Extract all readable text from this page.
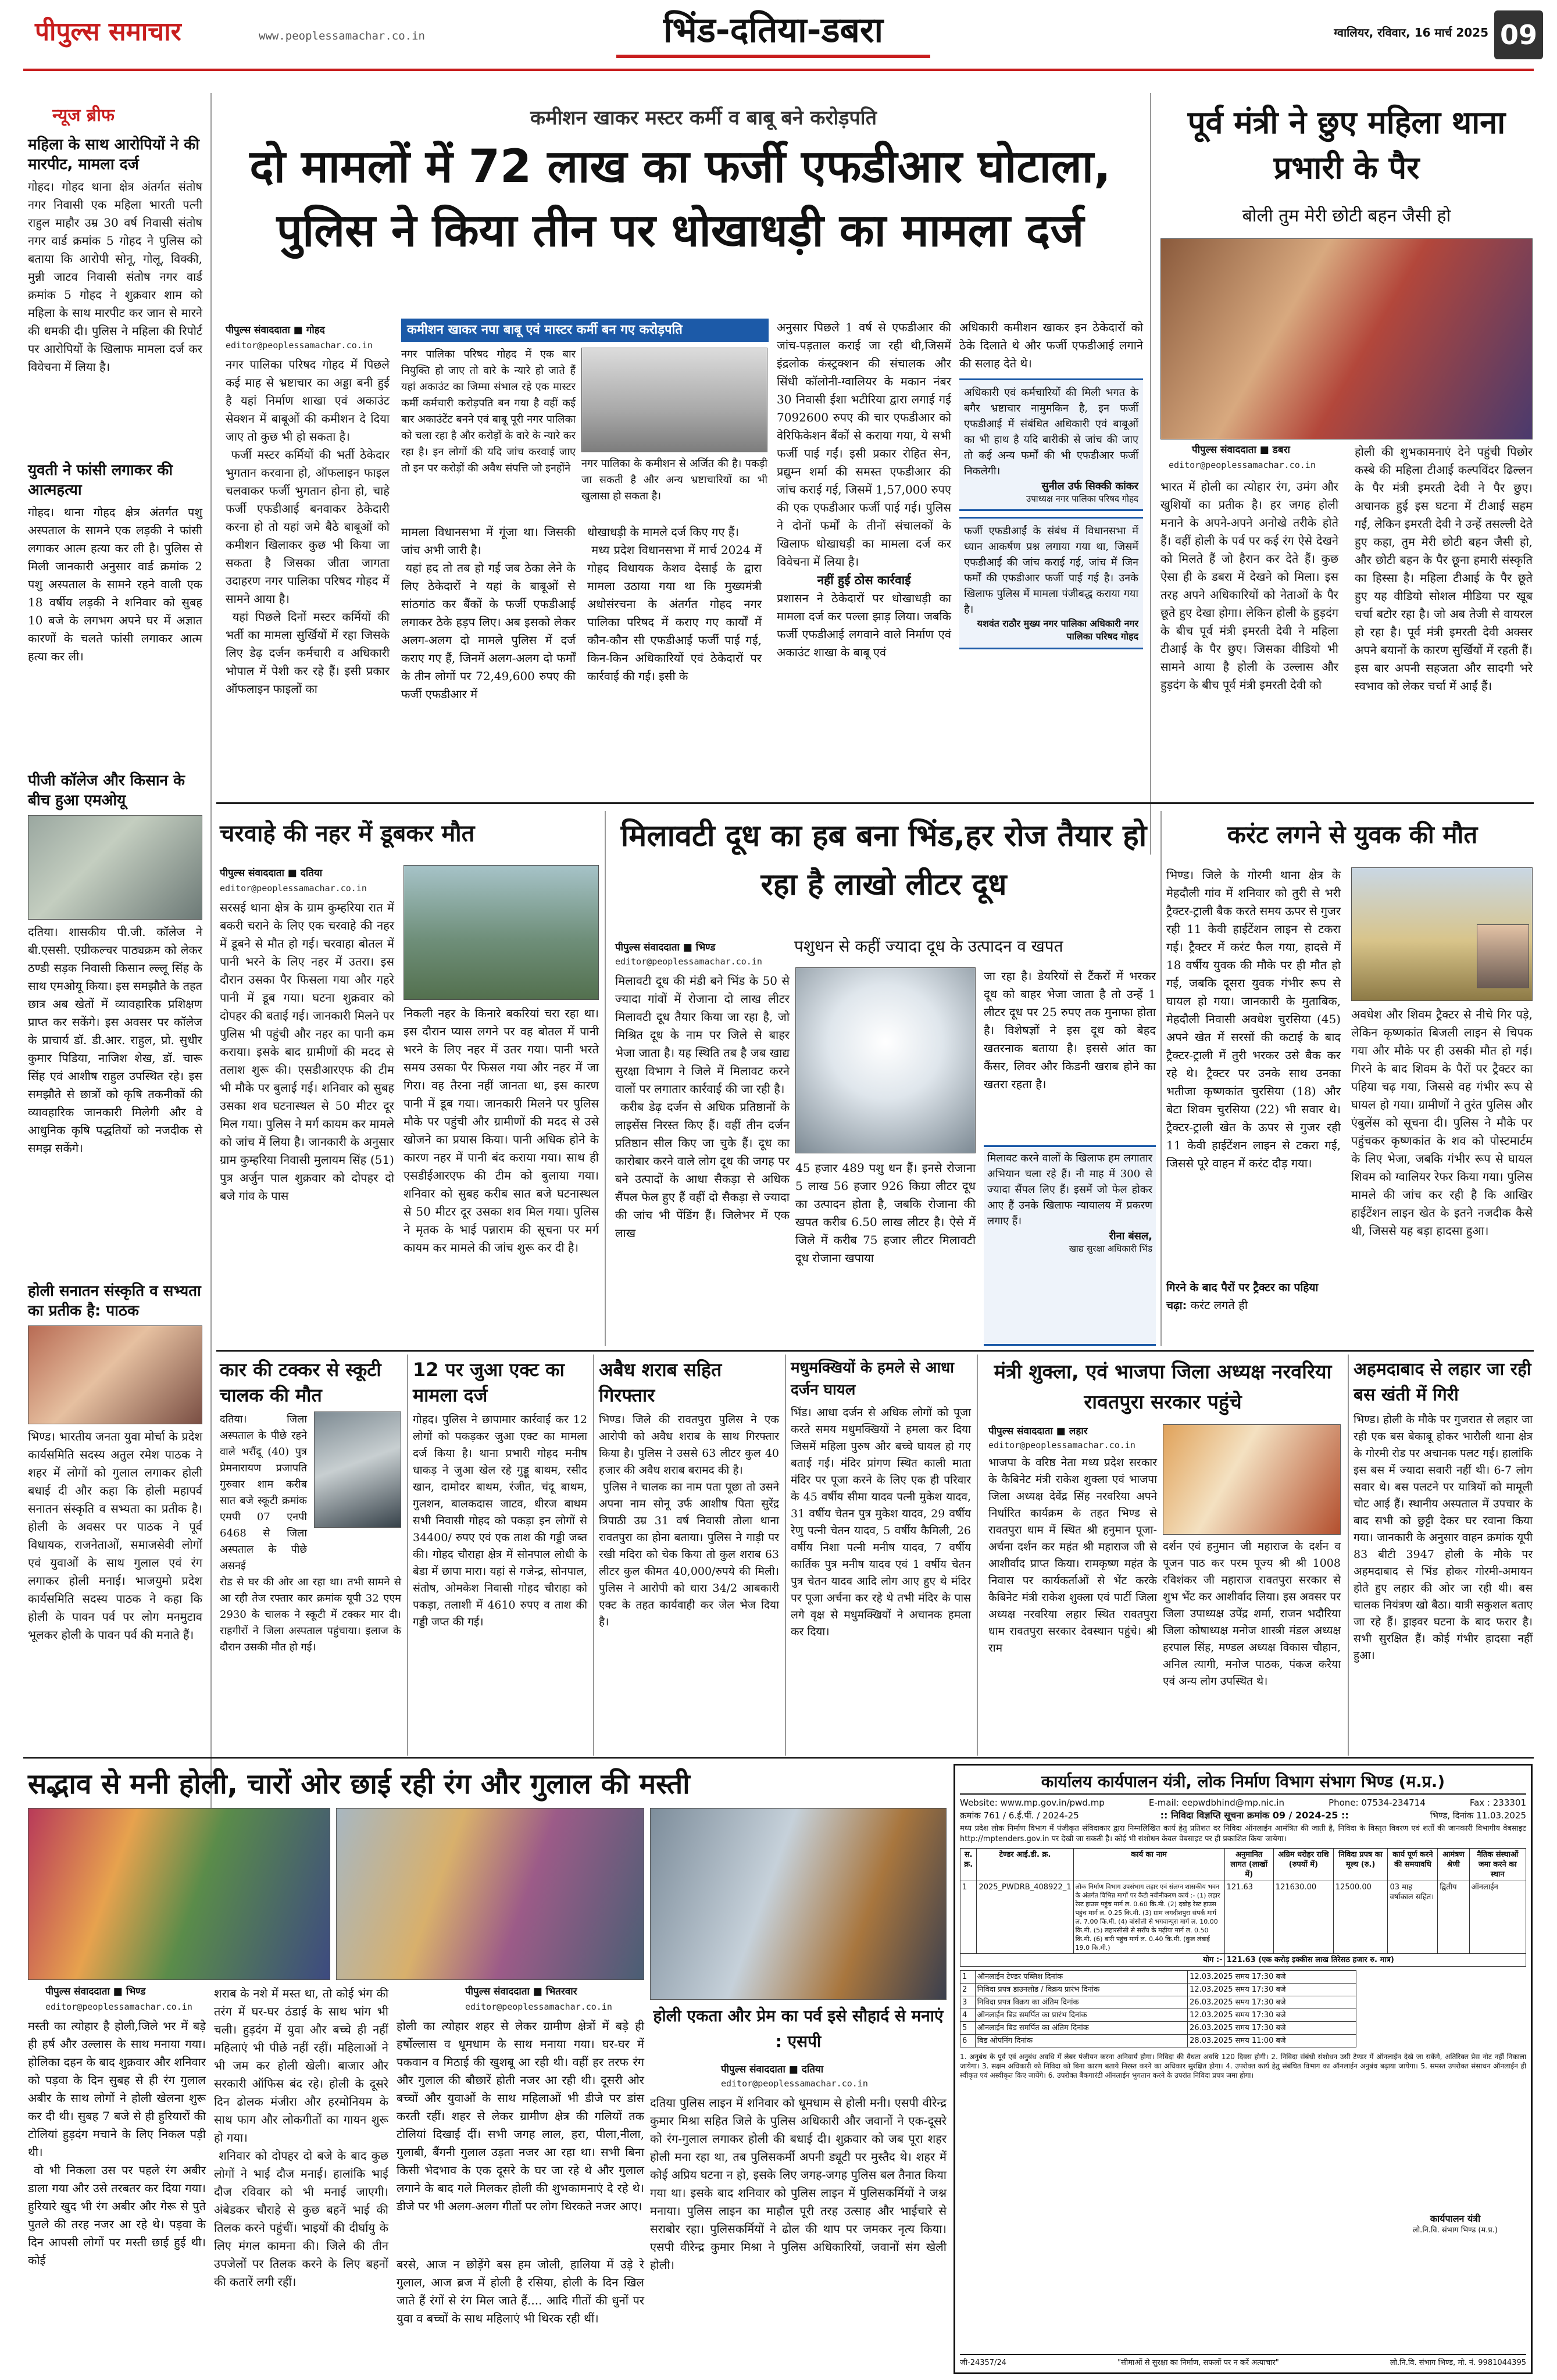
पीपुल्स समाचार	www.peoplessamachar.co.in	भिंड-दतिया-डबरा	ग्वालियर, रविवार, 16 मार्च 2025 09
न्यूज ब्रीफ
महिला के साथ आरोपियों ने की मारपीट, मामला दर्ज
गोहद। गोहद थाना क्षेत्र अंतर्गत संतोष नगर निवासी एक महिला भारती पत्नी राहुल माहौर उम्र 30 वर्ष निवासी संतोष नगर वार्ड क्रमांक 5 गोहद ने पुलिस को बताया कि आरोपी सोनू, गोलू, विक्की, मुन्नी जाटव निवासी संतोष नगर वार्ड क्रमांक 5 गोहद ने शुक्रवार शाम को महिला के साथ मारपीट कर जान से मारने की धमकी दी। पुलिस ने महिला की रिपोर्ट पर आरोपियों के खिलाफ मामला दर्ज कर विवेचना में लिया है।
युवती ने फांसी लगाकर की आत्महत्या
गोहद। थाना गोहद क्षेत्र अंतर्गत पशु अस्पताल के सामने एक लड़की ने फांसी लगाकर आत्म हत्या कर ली है। पुलिस से मिली जानकारी अनुसार वार्ड क्रमांक 2 पशु अस्पताल के सामने रहने वाली एक 18 वर्षीय लड़की ने शनिवार को सुबह 10 बजे के लगभग अपने घर में अज्ञात कारणों के चलते फांसी लगाकर आत्म हत्या कर ली।
पीजी कॉलेज और किसान के बीच हुआ एमओयू
दतिया। शासकीय पी.जी. कॉलेज ने बी.एससी. एग्रीकल्चर पाठ्यक्रम को लेकर ठण्डी सड़क निवासी किसान ल्ल्लू सिंह के साथ एमओयू किया। इस समझौते के तहत छात्र अब खेतों में व्यावहारिक प्रशिक्षण प्राप्त कर सकेंगे। इस अवसर पर कॉलेज के प्राचार्य डॉ. डी.आर. राहुल, प्रो. सुधीर कुमार पिडिया, नाजिश शेख, डॉ. चारू सिंह एवं आशीष राहुल उपस्थित रहे। इस समझौते से छात्रों को कृषि तकनीकों की व्यावहारिक जानकारी मिलेगी और वे आधुनिक कृषि पद्धतियों को नजदीक से समझ सकेंगे।
होली सनातन संस्कृति व सभ्यता का प्रतीक है: पाठक
भिण्ड। भारतीय जनता युवा मोर्चा के प्रदेश कार्यसमिति सदस्य अतुल रमेश पाठक ने शहर में लोगों को गुलाल लगाकर होली बधाई दी और कहा कि होली महापर्व सनातन संस्कृति व सभ्यता का प्रतीक है। होली के अवसर पर पाठक ने पूर्व विधायक, राजनेताओं, समाजसेवी लोगों एवं युवाओं के साथ गुलाल एवं रंग लगाकर होली मनाई। भाजयुमो प्रदेश कार्यसमिति सदस्य पाठक ने कहा कि होली के पावन पर्व पर लोग मनमुटाव भूलकर होली के पावन पर्व की मनाते हैं।
कमीशन खाकर मस्टर कर्मी व बाबू बने करोड़पति
दो मामलों में 72 लाख का फर्जी एफडीआर घोटाला, पुलिस ने किया तीन पर धोखाधड़ी का मामला दर्ज
पीपुल्स संवाददाता ■ गोहद
editor@peoplessamachar.co.in
नगर पालिका परिषद गोहद में पिछले कई माह से भ्रष्टाचार का अड्डा बनी हुई है यहां निर्माण शाखा एवं अकाउंट सेक्शन में बाबूओं की कमीशन दे दिया जाए तो कुछ भी हो सकता है।
फर्जी मस्टर कर्मियों की भर्ती ठेकेदार भुगतान करवाना हो, ऑफलाइन फाइल चलवाकर फर्जी भुगतान होना हो, चाहे फर्जी एफडीआई बनवाकर ठेकेदारी करना हो तो यहां जमे बैठे बाबूओं को कमीशन खिलाकर कुछ भी किया जा सकता है जिसका जीता जागता उदाहरण नगर पालिका परिषद गोहद में सामने आया है।
यहां पिछले दिनों मस्टर कर्मियों की भर्ती का मामला सुर्खियों में रहा जिसके लिए डेढ़ दर्जन कर्मचारी व अधिकारी भोपाल में पेशी कर रहे हैं। इसी प्रकार ऑफलाइन फाइलों का
कमीशन खाकर नपा बाबू एवं मास्टर कर्मी बन गए करोड़पति
नगर पालिका परिषद गोहद में एक बार नियुक्ति हो जाए तो वारे के न्यारे हो जाते हैं यहां अकाउंट का जिम्मा संभाल रहे एक मास्टर कर्मी कर्मचारी करोड़पति बन गया है वहीं कई बार अकाउंटेंट बनने एवं बाबू पूरी नगर पालिका को चला रहा है और करोड़ों के वारे के न्यारे कर रहा है। इन लोगों की यदि जांच करवाई जाए तो इन पर करोड़ों की अवैध संपत्ति जो इनहोंने	नगर पालिका के कमीशन से अर्जित की है। पकड़ी जा सकती है और अन्य भ्रष्टाचारियों का भी खुलासा हो सकता है।
मामला विधानसभा में गूंजा था। जिसकी जांच अभी जारी है।
यहां हद तो तब हो गई जब ठेका लेने के लिए ठेकेदारों ने यहां के बाबूओं से सांठगांठ कर बैंकों के फर्जी एफडीआई लगाकर ठेके हड़प लिए। अब इसको लेकर अलग-अलग दो मामले पुलिस में दर्ज कराए गए हैं, जिनमें अलग-अलग दो फर्मों के तीन लोगों पर 72,49,600 रुपए की फर्जी एफडीआर में
धोखाधड़ी के मामले दर्ज किए गए हैं।
मध्य प्रदेश विधानसभा में मार्च 2024 में गोहद विधायक केशव देसाई के द्वारा मामला उठाया गया था कि मुख्यमंत्री अधोसंरचना के अंतर्गत गोहद नगर पालिका परिषद में कराए गए कार्यों में कौन-कौन सी एफडीआई फर्जी पाई गई, किन-किन अधिकारियों एवं ठेकेदारों पर कार्रवाई की गई। इसी के
अनुसार पिछले 1 वर्ष से एफडीआर की जांच-पड़ताल कराई जा रही थी,जिसमें इंद्रलोक कंस्ट्रक्शन की संचालक और सिंधी कॉलोनी-ग्वालियर के मकान नंबर 30 निवासी ईशा भटीरिया द्वारा लगाई गई 7092600 रुपए की चार एफडीआर को वेरिफिकेशन बैंकों से कराया गया, ये सभी फर्जी पाई गईं। इसी प्रकार रोहित सेन, प्रद्युम्न शर्मा की समस्त एफडीआर की जांच कराई गई, जिसमें 1,57,000 रुपए की एक एफडीआर फर्जी पाई गई। पुलिस ने दोनों फर्मों के तीनों संचालकों के खिलाफ धोखाधड़ी का मामला दर्ज कर विवेचना में लिया है।
नहीं हुई ठोस कार्रवाई
प्रशासन ने ठेकेदारों पर धोखाधड़ी का मामला दर्ज कर पल्ला झाड़ लिया। जबकि फर्जी एफडीआई लगवाने वाले निर्माण एवं अकाउंट शाखा के बाबू एवं
अधिकारी कमीशन खाकर इन ठेकेदारों को ठेके दिलाते थे और फर्जी एफडीआई लगाने की सलाह देते थे।
अधिकारी एवं कर्मचारियों की मिली भगत के बगैर भ्रष्टाचार नामुमकिन है, इन फर्जी एफडीआई में संबंधित अधिकारी एवं बाबूओं का भी हाथ है यदि बारीकी से जांच की जाए तो कई अन्य फर्मों की भी एफडीआर फर्जी निकलेगी।
सुनील उर्फ सिक्की कांकर
उपाध्यक्ष नगर पालिका परिषद गोहद
फर्जी एफडीआईं के संबंध में विधानसभा में ध्यान आकर्षण प्रश्न लगाया गया था, जिसमें एफडीआई की जांच कराई गई, जांच में जिन फर्मों की एफडीआर फर्जी पाई गई है। उनके खिलाफ पुलिस में मामला पंजीबद्ध कराया गया है।
यशवंत राठौर मुख्य नगर पालिका अधिकारी नगर पालिका परिषद गोहद
पूर्व मंत्री ने छुए महिला थाना प्रभारी के पैर
बोली तुम मेरी छोटी बहन जैसी हो
पीपुल्स संवाददाता ■ डबरा
editor@peoplessamachar.co.in
भारत में होली का त्योहार रंग, उमंग और खुशियों का प्रतीक है। हर जगह होली मनाने के अपने-अपने अनोखे तरीके होते हैं। वहीं होली के पर्व पर कई रंग ऐसे देखने को मिलते हैं जो हैरान कर देते हैं। कुछ ऐसा ही के डबरा में देखने को मिला। इस तरह अपने अधिकारियों को नेताओं के पैर छूते हुए देखा होगा। लेकिन होली के हुड़दंग के बीच पूर्व मंत्री इमरती देवी ने महिला टीआई के पैर छुए। जिसका वीडियो भी सामने आया है होली के उल्लास और हुड़दंग के बीच पूर्व मंत्री इमरती देवी को
होली की शुभकामनाएं देने पहुंची पिछोर कस्बे की महिला टीआई कल्पविंदर ढिल्लन के पैर मंत्री इमरती देवी ने पैर छुए। अचानक हुई इस घटना में टीआई सहम गईं, लेकिन इमरती देवी ने उन्हें तसल्ली देते हुए कहा, तुम मेरी छोटी बहन जैसी हो, और छोटी बहन के पैर छूना हमारी संस्कृति का हिस्सा है। महिला टीआई के पैर छूते हुए यह वीडियो सोशल मीडिया पर खूब चर्चा बटोर रहा है। जो अब तेजी से वायरल हो रहा है। पूर्व मंत्री इमरती देवी अक्सर अपने बयानों के कारण सुर्खियों में रहती हैं। इस बार अपनी सहजता और सादगी भरे स्वभाव को लेकर चर्चा में आईं हैं।
चरवाहे की नहर में डूबकर मौत
पीपुल्स संवाददाता ■ दतिया
editor@peoplessamachar.co.in
सरसई थाना क्षेत्र के ग्राम कुम्हरिया रात में बकरी चराने के लिए एक चरवाहे की नहर में डूबने से मौत हो गई। चरवाहा बोतल में पानी भरने के लिए नहर में उतरा। इस दौरान उसका पैर फिसला गया और गहरे पानी में डूब गया। घटना शुक्रवार को दोपहर की बताई गई। जानकारी मिलने पर पुलिस भी पहुंची और नहर का पानी कम कराया। इसके बाद ग्रामीणों की मदद से तलाश शुरू की। एसडीआरएफ की टीम भी मौके पर बुलाई गई। शनिवार को सुबह उसका शव घटनास्थल से 50 मीटर दूर मिल गया। पुलिस ने मर्ग कायम कर मामले को जांच में लिया है। जानकारी के अनुसार ग्राम कुम्हरिया निवासी मुलायम सिंह (51) पुत्र अर्जुन पाल शुक्रवार को दोपहर दो बजे गांव के पास
निकली नहर के किनारे बकरियां चरा रहा था। इस दौरान प्यास लगने पर वह बोतल में पानी भरने के लिए नहर में उतर गया। पानी भरते समय उसका पैर फिसल गया और नहर में जा गिरा। वह तैरना नहीं जानता था, इस कारण पानी में डूब गया। जानकारी मिलने पर पुलिस मौके पर पहुंची और ग्रामीणों की मदद से उसे खोजने का प्रयास किया। पानी अधिक होने के कारण नहर में पानी बंद कराया गया। साथ ही एसडीईआरएफ की टीम को बुलाया गया। शनिवार को सुबह करीब सात बजे घटनास्थल से 50 मीटर दूर उसका शव मिल गया। पुलिस ने मृतक के भाई पन्नाराम की सूचना पर मर्ग कायम कर मामले की जांच शुरू कर दी है।
मिलावटी दूध का हब बना भिंड,हर रोज तैयार हो रहा है लाखो लीटर दूध
पीपुल्स संवाददाता ■ भिण्ड
editor@peoplessamachar.co.in
पशुधन से कहीं ज्यादा दूध के उत्पादन व खपत
मिलावटी दूध की मंडी बने भिंड के 50 से ज्यादा गांवों में रोजाना दो लाख लीटर मिलावटी दूध तैयार किया जा रहा है, जो मिश्रित दूध के नाम पर जिले से बाहर भेजा जाता है। यह स्थिति तब है जब खाद्य सुरक्षा विभाग ने जिले में मिलावट करने वालों पर लगातार कार्रवाई की जा रही है।
करीब डेढ़ दर्जन से अधिक प्रतिष्ठानों के लाइसेंस निरस्त किए हैं। वहीं तीन दर्जन प्रतिष्ठान सील किए जा चुके हैं। दूध का कारोबार करने वाले लोग दूध की जगह पर बने उत्पादों के आधा सैकड़ा से अधिक सैंपल फेल हुए हैं वहीं दो सैकड़ा से ज्यादा की जांच भी पेंडिंग हैं। जिलेभर में एक लाख
45 हजार 489 पशु धन हैं। इनसे रोजाना 5 लाख 56 हजार 926 किग्रा लीटर दूध का उत्पादन होता है, जबकि रोजाना की खपत करीब 6.50 लाख लीटर है। ऐसे में जिले में करीब 75 हजार लीटर मिलावटी दूध रोजाना खपाया
जा रहा है। डेयरियों से टैंकरों में भरकर दूध को बाहर भेजा जाता है तो उन्हें 1 लीटर दूध पर 25 रुपए तक मुनाफा होता है। विशेषज्ञों ने इस दूध को बेहद खतरनाक बताया है। इससे आंत का कैंसर, लिवर और किडनी खराब होने का खतरा रहता है।
मिलावट करने वालों के खिलाफ हम लगातार अभियान चला रहे हैं। नौ माह में 300 से ज्यादा सैंपल लिए हैं। इसमें जो फेल होकर आए हैं उनके खिलाफ न्यायालय में प्रकरण लगाए हैं।
रीना बंसल,
खाद्य सुरक्षा अधिकारी भिंड
करंट लगने से युवक की मौत
भिण्ड। जिले के गोरमी थाना क्षेत्र के मेहदौली गांव में शनिवार को तुरी से भरी ट्रैक्टर-ट्राली बैक करते समय ऊपर से गुजर रही 11 केवी हाईटेंशन लाइन से टकरा गई। ट्रैक्टर में करंट फैल गया, हादसे में 18 वर्षीय युवक की मौके पर ही मौत हो गई, जबकि दूसरा युवक गंभीर रूप से घायल हो गया। जानकारी के मुताबिक, मेहदौली निवासी अवधेश चुरसिया (45) अपने खेत में सरसों की कटाई के बाद ट्रैक्टर-ट्राली में तुरी भरकर उसे बैक कर रहे थे। ट्रैक्टर पर उनके साथ उनका भतीजा कृष्णकांत चुरसिया (18) और बेटा शिवम चुरसिया (22) भी सवार थे। ट्रैक्टर-ट्राली खेत के ऊपर से गुजर रही 11 केवी हाईटेंशन लाइन से टकरा गई, जिससे पूरे वाहन में करंट दौड़ गया।
गिरने के बाद पैरों पर ट्रैक्टर का पहिया चढ़ा: करंट लगते ही
अवधेश और शिवम ट्रैक्टर से नीचे गिर पड़े, लेकिन कृष्णकांत बिजली लाइन से चिपक गया और मौके पर ही उसकी मौत हो गई। गिरने के बाद शिवम के पैरों पर ट्रैक्टर का पहिया चढ़ गया, जिससे वह गंभीर रूप से घायल हो गया। ग्रामीणों ने तुरंत पुलिस और एंबुलेंस को सूचना दी। पुलिस ने मौके पर पहुंचकर कृष्णकांत के शव को पोस्टमार्टम के लिए भेजा, जबकि गंभीर रूप से घायल शिवम को ग्वालियर रेफर किया गया। पुलिस मामले की जांच कर रही है कि आखिर हाईटेंशन लाइन खेत के इतने नजदीक कैसे थी, जिससे यह बड़ा हादसा हुआ।
कार की टक्कर से स्कूटी चालक की मौत
दतिया। जिला अस्पताल के पीछे रहने वाले भरौंदू (40) पुत्र प्रेमनारायण प्रजापति गुरुवार शाम करीब सात बजे स्कूटी क्रमांक एमपी 07 एनपी 6468 से जिला अस्पताल के पीछे असनई
रोड से घर की ओर आ रहा था। तभी सामने से आ रही तेज रफ्तार कार क्रमांक यूपी 32 एएम 2930 के चालक ने स्कूटी में टक्कर मार दी। राहगीरों ने जिला अस्पताल पहुंचाया। इलाज के दौरान उसकी मौत हो गई।
12 पर जुआ एक्ट का मामला दर्ज
गोहद। पुलिस ने छापामार कार्रवाई कर 12 लोगों को पकड़कर जुआ एक्ट का मामला दर्ज किया है। थाना प्रभारी गोहद मनीष धाकड़ ने जुआ खेल रहे गुड्डू बाथम, रसीद खान, दामोदर बाथम, रंजीत, चंदू बाथम, गुलशन, बालकदास जाटव, धीरज बाथम सभी निवासी गोहद को पकड़ा इन लोगों से 34400/ रुपए एवं एक ताश की गड्डी जब्त की। गोहद चौराहा क्षेत्र में सोनपाल लोधी के बेडा में छापा मारा। यहां से गजेन्द्र, सोनपाल, संतोष, ओमकेश निवासी गोहद चौराहा को पकड़ा, तलाशी में 4610 रुपए व ताश की गड्डी जप्त की गई।
अबैध शराब सहित गिरफ्तार
भिण्ड। जिले की रावतपुरा पुलिस ने एक आरोपी को अवैध शराब के साथ गिरफ्तार किया है। पुलिस ने उससे 63 लीटर कुल 40 हजार की अवैध शराब बरामद की है।
पुलिस ने चालक का नाम पता पूछा तो उसने अपना नाम सोनू उर्फ आशीष पिता सुरेंद्र त्रिपाठी उम्र 31 वर्ष निवासी तोला थाना रावतपुरा का होना बताया। पुलिस ने गाड़ी पर रखी मदिरा को चेक किया तो कुल शराब 63 लीटर कुल कीमत 40,000/रुपये की मिली। पुलिस ने आरोपी को धारा 34/2 आबकारी एक्ट के तहत कार्यवाही कर जेल भेज दिया है।
मधुमक्खियों के हमले से आधा दर्जन घायल
भिंड। आधा दर्जन से अधिक लोगों को पूजा करते समय मधुमक्खियों ने हमला कर दिया जिसमें महिला पुरुष और बच्चे घायल हो गए बताई गई। मंदिर प्रांगण स्थित काली माता मंदिर पर पूजा करने के लिए एक ही परिवार के 45 वर्षीय सीमा यादव पत्नी मुकेश यादव, 31 वर्षीय चेतन पुत्र मुकेश यादव, 29 वर्षीय रेणु पत्नी चेतन यादव, 5 वर्षीय कैमिली, 26 वर्षीय निशा पत्नी मनीष यादव, 7 वर्षीय कार्तिक पुत्र मनीष यादव एवं 1 वर्षीय चेतन पुत्र चेतन यादव आदि लोग आए हुए थे मंदिर पर पूजा अर्चना कर रहे थे तभी मंदिर के पास लगे वृक्ष से मधुमक्खियों ने अचानक हमला कर दिया।
मंत्री शुक्ला, एवं भाजपा जिला अध्यक्ष नरवरिया रावतपुरा सरकार पहुंचे
पीपुल्स संवाददाता ■ लहार
editor@peoplessamachar.co.in
भाजपा के वरिष्ठ नेता मध्य प्रदेश सरकार के कैबिनेट मंत्री राकेश शुक्ला एवं भाजपा जिला अध्यक्ष देवेंद्र सिंह नरवरिया अपने निर्धारित कार्यक्रम के तहत भिण्ड से रावतपुरा धाम में स्थित श्री हनुमान पूजा-अर्चना दर्शन कर महंत श्री महाराज जी से आशीर्वाद प्राप्त किया। रामकृष्ण महंत के निवास पर कार्यकर्ताओं से भेंट करके कैबिनेट मंत्री राकेश शुक्ला एवं पार्टी जिला अध्यक्ष नरवरिया लहार स्थित रावतपुरा धाम रावतपुरा सरकार देवस्थान पहुंचे। श्री राम
दर्शन एवं हनुमान जी महाराज के दर्शन व पूजन पाठ कर परम पूज्य श्री श्री 1008 रविशंकर जी महाराज रावतपुरा सरकार से शुभ भेंट कर आशीर्वाद लिया। इस अवसर पर जिला उपाध्यक्ष उपेंद्र शर्मा, राजन भदौरिया जिला कोषाध्यक्ष मनोज शास्त्री मंडल अध्यक्ष हरपाल सिंह, मण्डल अध्यक्ष विकास चौहान, अनिल त्यागी, मनोज पाठक, पंकज करैया एवं अन्य लोग उपस्थित थे।
अहमदाबाद से लहार जा रही बस खंती में गिरी
भिण्ड। होली के मौके पर गुजरात से लहार जा रही एक बस बेकाबू होकर भारौली थाना क्षेत्र के गोरमी रोड पर अचानक पलट गई। हालांकि इस बस में ज्यादा सवारी नहीं थी। 6-7 लोग सवार थे। बस पलटने पर यात्रियों को मामूली चोट आई हैं। स्थानीय अस्पताल में उपचार के बाद सभी को छुट्टी देकर घर रवाना किया गया। जानकारी के अनुसार वाहन क्रमांक यूपी 83 बीटी 3947 होली के मौके पर अहमदाबाद से भिंड होकर गोरमी-अमायन होते हुए लहार की ओर जा रही थी। बस चालक नियंत्रण खो बैठा। यात्री सकुशल बताए जा रहे हैं। ड्राइवर घटना के बाद फरार है। सभी सुरक्षित हैं। कोई गंभीर हादसा नहीं हुआ।
सद्भाव से मनी होली, चारों ओर छाई रही रंग और गुलाल की मस्ती
पीपुल्स संवाददाता ■ भिण्ड
editor@peoplessamachar.co.in
मस्ती का त्योहार है होली,जिले भर में बड़े ही हर्ष और उल्लास के साथ मनाया गया। होलिका दहन के बाद शुक्रवार और शनिवार को पड़वा के दिन सुबह से ही रंग गुलाल अबीर के साथ लोगों ने होली खेलना शुरू कर दी थी। सुबह 7 बजे से ही हुरियारों की टोलियां हुड़दंग मचाने के लिए निकल पड़ी थी।
वो भी निकला उस पर पहले रंग अबीर डाला गया और उसे तरबतर कर दिया गया। हुरियारे खुद भी रंग अबीर और गेरू से पुते पुतले की तरह नजर आ रहे थे। पड़वा के दिन आपसी लोगों पर मस्ती छाई हुई थी। कोई
शराब के नशे में मस्त था, तो कोई भंग की तरंग में घर-घर ठंडाई के साथ भांग भी चली। हुड़दंग में युवा और बच्चे ही नहीं महिलाएं भी पीछे नहीं रहीं। महिलाओं ने भी जम कर होली खेली। बाजार और सरकारी ऑफिस बंद रहे। होली के दूसरे दिन ढोलक मंजीरा और हरमोनियम के साथ फाग और लोकगीतों का गायन शुरू हो गया।
शनिवार को दोपहर दो बजे के बाद कुछ लोगों ने भाई दौज मनाई। हालांकि भाई दौज रविवार को भी मनाई जाएगी। अंबेडकर चौराहे से कुछ बहनें भाई की तिलक करने पहुंचीं। भाइयों की दीर्घायु के लिए मंगल कामना की। जिले की तीन उपजेलों पर तिलक करने के लिए बहनों की कतारें लगी रहीं।
पीपुल्स संवाददाता ■ भितरवार
editor@peoplessamachar.co.in
होली का त्योहार शहर से लेकर ग्रामीण क्षेत्रों में बड़े ही हर्षोल्लास व धूमधाम के साथ मनाया गया। घर-घर में पकवान व मिठाई की खुशबू आ रही थी। वहीं हर तरफ रंग और गुलाल की बौछारें होती नजर आ रही थी। दूसरी ओर बच्चों और युवाओं के साथ महिलाओं भी डीजे पर डांस करती रहीं। शहर से लेकर ग्रामीण क्षेत्र की गलियों तक टोलियां दिखाई दीं। सभी जगह लाल, हरा, पीला,नीला, गुलाबी, बैंगनी गुलाल उड़ता नजर आ रहा था। सभी बिना किसी भेदभाव के एक दूसरे के घर जा रहे थे और गुलाल लगाने के बाद गले मिलकर होली की शुभकामनाएं दे रहे थे। डीजे पर भी अलग-अलग गीतों पर लोग थिरकते नजर आए।

बरसे, आज न छोड़ेंगे बस हम जोली, हालिया में उड़े रे गुलाल, आज ब्रज में होली है रसिया, होली के दिन खिल जाते हैं रंगों से रंग मिल जाते हैं.... आदि गीतों की धुनों पर युवा व बच्चों के साथ महिलाएं भी थिरक रही थीं।
होली एकता और प्रेम का पर्व इसे सौहार्द से मनाएं : एसपी
पीपुल्स संवाददाता ■ दतिया
editor@peoplessamachar.co.in
दतिया पुलिस लाइन में शनिवार को धूमधाम से होली मनी। एसपी वीरेन्द्र कुमार मिश्रा सहित जिले के पुलिस अधिकारी और जवानों ने एक-दूसरे को रंग-गुलाल लगाकर होली की बधाई दी। शुक्रवार को जब पूरा शहर होली मना रहा था, तब पुलिसकर्मी अपनी ड्यूटी पर मुस्तैद थे। शहर में कोई अप्रिय घटना न हो, इसके लिए जगह-जगह पुलिस बल तैनात किया गया था। इसके बाद शनिवार को पुलिस लाइन में पुलिसकर्मियों ने जश्न मनाया। पुलिस लाइन का माहौल पूरी तरह उत्साह और भाईचारे से सराबोर रहा। पुलिसकर्मियों ने ढोल की थाप पर जमकर नृत्य किया। एसपी वीरेन्द्र कुमार मिश्रा ने पुलिस अधिकारियों, जवानों संग खेली होली।
कार्यालय कार्यपालन यंत्री, लोक निर्माण विभाग संभाग भिण्ड (म.प्र.)
Website: www.mp.gov.in/pwd.mp	E-mail: eepwdbhind@mp.nic.in	Phone: 07534-234714	Fax : 233301
क्रमांक 761 / 6.ई.पीं. / 2024-25	:: निविदा विज्ञप्ति सूचना क्रमांक 09 / 2024-25 ::	भिण्ड, दिनांक 11.03.2025
मध्य प्रदेश लोक निर्माण विभाग में पंजीकृत संविदाकार द्वारा निम्नलिखित कार्य हेतु प्रतिशत दर निविदा ऑनलाईन आमंत्रित की जाती है, निविदा के विस्तृत विवरण एवं शर्तों की जानकारी विभागीय वेबसाइट http://mptenders.gov.in पर देखी जा सकती है। कोई भी संशोधन केवल वेबसाइट पर ही प्रकाशित किया जायेगा।
स. क्र.	टेण्डर आई.डी. क्र.	कार्य का नाम	अनुमानित लागत (लाखों में)	अग्रिम धरोहर राशि (रुपयों में)	निविदा प्रपत्र का मूल्य (रु.)	कार्य पूर्ण करने की समयावधि	आमंत्रण श्रेणी	नैतिक संस्थाओं जमा करने का स्थान
1	2025_PWDRB_408922_1	लोक निर्माण विभाग उपसंभाग लहार एवं संलग्न शासकीय भवन के अंतर्गत विभिन्न मार्गों पर कैटी नवीनीकरण कार्य :- (1) लहार रेस्ट हाउस पहुंच मार्ग ल. 0.60 कि.मी. (2) दबोह रेस्ट हाउस पहुंच मार्ग ल. 0.25 कि.मी. (3) ग्राम जगदीशपुरा संपर्क मार्ग ल. 7.00 कि.मी. (4) बांसोली से भगवान्पुरा मार्ग ल. 10.00 कि.मी. (5) लहारसीसी से सराँय के मढ़ीया मार्ग ल. 0.50 कि.मी. (6) बारी पहुंच मार्ग ल. 0.40 कि.मी. (कुल लंबाई 19.0 कि.मी.)	121.63	121630.00	12500.00	03 माह वर्षाकाल सहित।	द्वितीय	ऑनलाईन
योग :-			121.63 (एक करोड़ इक्कीस लाख तिरेसठ हजार रु. मात्र)					
1	ऑनलाईन टेण्डर पब्लिश दिनांक	12.03.2025 समय 17:30 बजे
2	निविदा प्रपत्र डाउनलोड / विक्रय प्रारंभ दिनांक	12.03.2025 समय 17:30 बजे
3	निविदा प्रपत्र विक्रय का अंतिम दिनांक	26.03.2025 समय 17:30 बजे
4	ऑनलाईन बिड समर्पित का प्रारंभ दिनांक	12.03.2025 समय 17:30 बजे
5	ऑनलाईन बिड समर्पित का अंतिम दिनांक	26.03.2025 समय 17:30 बजे
6	बिड ओपनिंग दिनांक	28.03.2025 समय 11:00 बजे
कार्यपालन यंत्री
लो.नि.वि. संभाग भिण्ड (म.प्र.)
1. अनुबंध के पूर्व एवं अनुबंध अवधि में लेबर पंजीयन करना अनिवार्य होगा। निविदा की वैधता अवधि 120 दिवस होगी। 2. निविदा संबंधी संशोधन उसी टेण्डर में ऑनलाईन देखे जा सकेंगे, अतिरिक्त प्रेस नोट नहीं निकाला जायेगा। 3. सक्षम अधिकारी को निविदा को बिना कारण बताये निरस्त करने का अधिकार सुरक्षित होगा। 4. उपरोक्त कार्य हेतु संबंधित विभाग का ऑनलाईन अनुबंध बढ़ाया जायेगा। 5. समस्त उपरोक्त संसाधन ऑनलाईन ही स्वीकृत एवं अस्वीकृत किए जायेंगे। 6. उपरोक्त बैंकगारंटी ऑनलाईन भुगतान करने के उपरांत निविदा प्रपत्र जमा होगा।
जी-24357/24	"सीमाओं से सुरक्षा का निर्माण, सफलों पर न करें अत्याचार"	लो.नि.वि. संभाग भिण्ड, मो. नं. 9981044395
